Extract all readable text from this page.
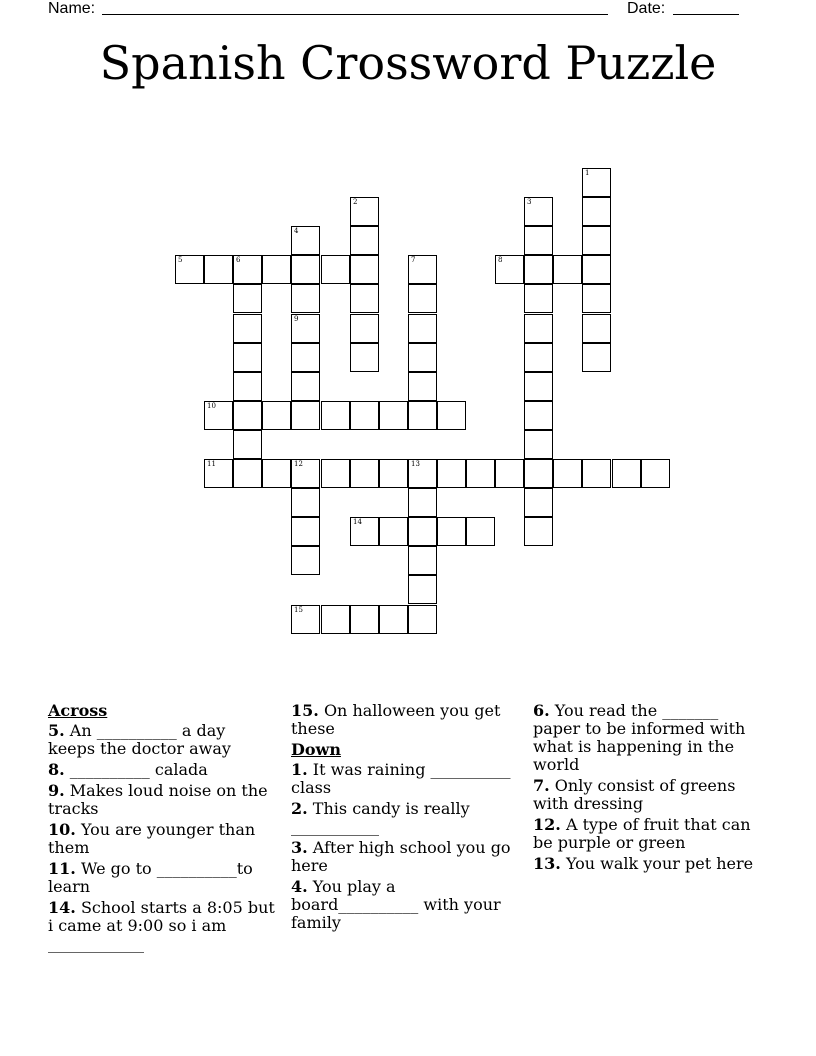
Name:	Date:
Spanish Crossword Puzzle
1
2	3
4
5	6	7	8
9
10
11	12	13
14
15
Across
5. An __________ a day keeps the doctor away
8. __________ calada
9. Makes loud noise on the tracks
10. You are younger than them
11. We go to __________to learn
14. School starts a 8:05 but i came at 9:00 so i am ____________
15. On halloween you get these
Down
1. It was raining __________ class
2. This candy is really ___________
3. After high school you go here
4. You play a board__________ with your family
6. You read the _______ paper to be informed with what is happening in the world
7. Only consist of greens with dressing
12. A type of fruit that can be purple or green
13. You walk your pet here
